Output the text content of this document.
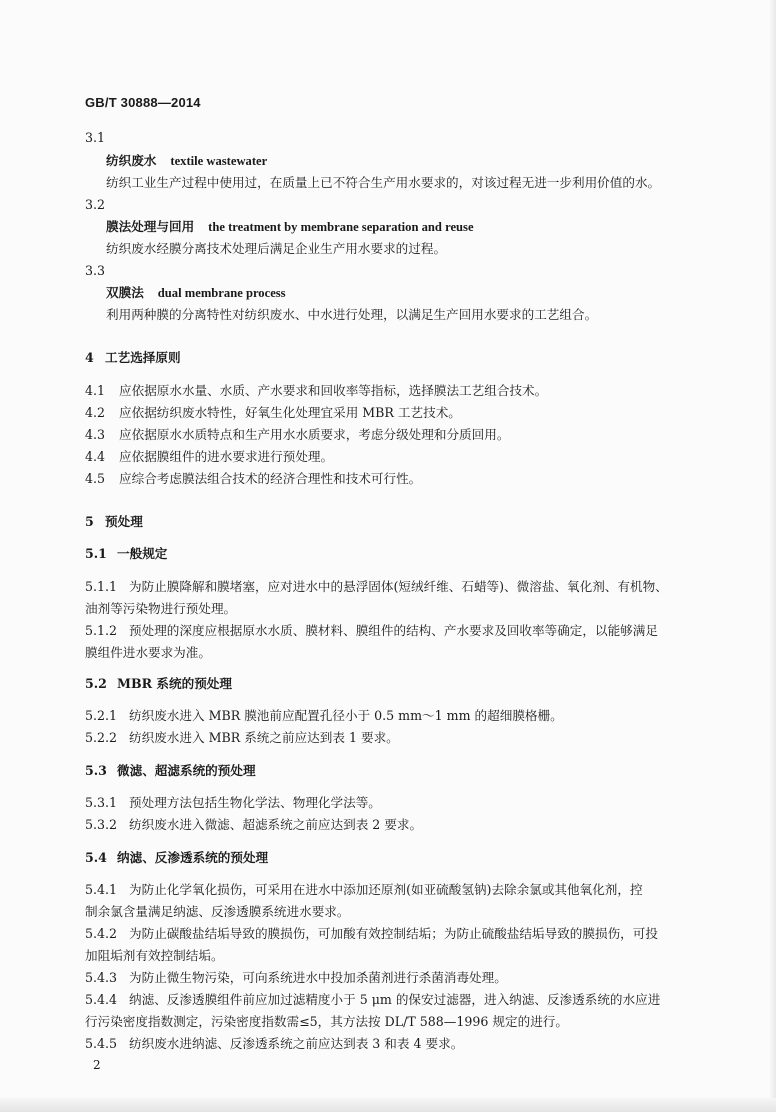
GB/T 30888—2014
3.1
纺织废水 textile wastewater
纺织工业生产过程中使用过，在质量上已不符合生产用水要求的，对该过程无进一步利用价值的水。
3.2
膜法处理与回用 the treatment by membrane separation and reuse
纺织废水经膜分离技术处理后满足企业生产用水要求的过程。
3.3
双膜法 dual membrane process
利用两种膜的分离特性对纺织废水、中水进行处理，以满足生产回用水要求的工艺组合。
4 工艺选择原则
4.1 应依据原水水量、水质、产水要求和回收率等指标，选择膜法工艺组合技术。
4.2 应依据纺织废水特性，好氧生化处理宜采用 MBR 工艺技术。
4.3 应依据原水水质特点和生产用水水质要求，考虑分级处理和分质回用。
4.4 应依据膜组件的进水要求进行预处理。
4.5 应综合考虑膜法组合技术的经济合理性和技术可行性。
5 预处理
5.1 一般规定
5.1.1 为防止膜降解和膜堵塞，应对进水中的悬浮固体(短绒纤维、石蜡等)、微溶盐、氧化剂、有机物、
油剂等污染物进行预处理。
5.1.2 预处理的深度应根据原水水质、膜材料、膜组件的结构、产水要求及回收率等确定，以能够满足
膜组件进水要求为准。
5.2 MBR 系统的预处理
5.2.1 纺织废水进入 MBR 膜池前应配置孔径小于 0.5 mm～1 mm 的超细膜格栅。
5.2.2 纺织废水进入 MBR 系统之前应达到表 1 要求。
5.3 微滤、超滤系统的预处理
5.3.1 预处理方法包括生物化学法、物理化学法等。
5.3.2 纺织废水进入微滤、超滤系统之前应达到表 2 要求。
5.4 纳滤、反渗透系统的预处理
5.4.1 为防止化学氧化损伤，可采用在进水中添加还原剂(如亚硫酸氢钠)去除余氯或其他氧化剂，控
制余氯含量满足纳滤、反渗透膜系统进水要求。
5.4.2 为防止碳酸盐结垢导致的膜损伤，可加酸有效控制结垢；为防止硫酸盐结垢导致的膜损伤，可投
加阻垢剂有效控制结垢。
5.4.3 为防止微生物污染，可向系统进水中投加杀菌剂进行杀菌消毒处理。
5.4.4 纳滤、反渗透膜组件前应加过滤精度小于 5 μm 的保安过滤器，进入纳滤、反渗透系统的水应进
行污染密度指数测定，污染密度指数需≤5，其方法按 DL/T 588—1996 规定的进行。
5.4.5 纺织废水进纳滤、反渗透系统之前应达到表 3 和表 4 要求。
2
